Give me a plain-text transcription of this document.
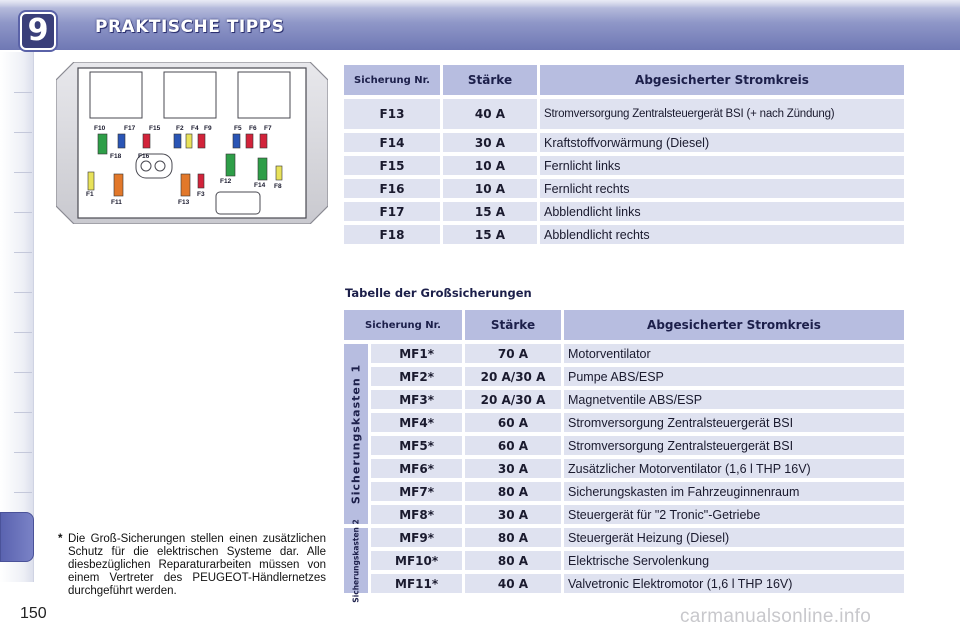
9	PRAKTISCHE TIPPS
F10	F17 F15 F2 F4 F9	F5 F6 F7
F18	F16
F1
F11	F13
F3
F12
F14 F8
Sicherung Nr.	Stärke	Abgesicherter Stromkreis
F13	40 A	Stromversorgung Zentralsteuergerät BSI (+ nach Zündung)
F14	30 A	Kraftstoffvorwärmung (Diesel)
F15	10 A	Fernlicht links
F16	10 A	Fernlicht rechts
F17	15 A	Abblendlicht links
F18	15 A	Abblendlicht rechts
Tabelle der Großsicherungen
Sicherung Nr.		Stärke	Abgesicherter Stromkreis

Sicherungskasten 1	MF1*	70 A	Motorventilator
	MF2*	20 A/30 A	Pumpe ABS/ESP
	MF3*	20 A/30 A	Magnetventile ABS/ESP
	MF4*	60 A	Stromversorgung Zentralsteuergerät BSI
	MF5*	60 A	Stromversorgung Zentralsteuergerät BSI
	MF6*	30 A	Zusätzlicher Motorventilator (1,6 l THP 16V)
	MF7*	80 A	Sicherungskasten im Fahrzeuginnenraum
	MF8*	30 A	Steuergerät für "2 Tronic"-Getriebe

Sicherungskasten 2	MF9*	80 A	Steuergerät Heizung (Diesel)
	MF10*	80 A	Elektrische Servolenkung
	MF11*	40 A	Valvetronic Elektromotor (1,6 l THP 16V)
* Die Groß-Sicherungen stellen einen zusätzlichen Schutz für die elektrischen Systeme dar. Alle diesbezüglichen Reparaturarbeiten müssen von einem Vertreter des PEUGEOT-Händlernetzes durchgeführt werden.
150	carmanualsonline.info
